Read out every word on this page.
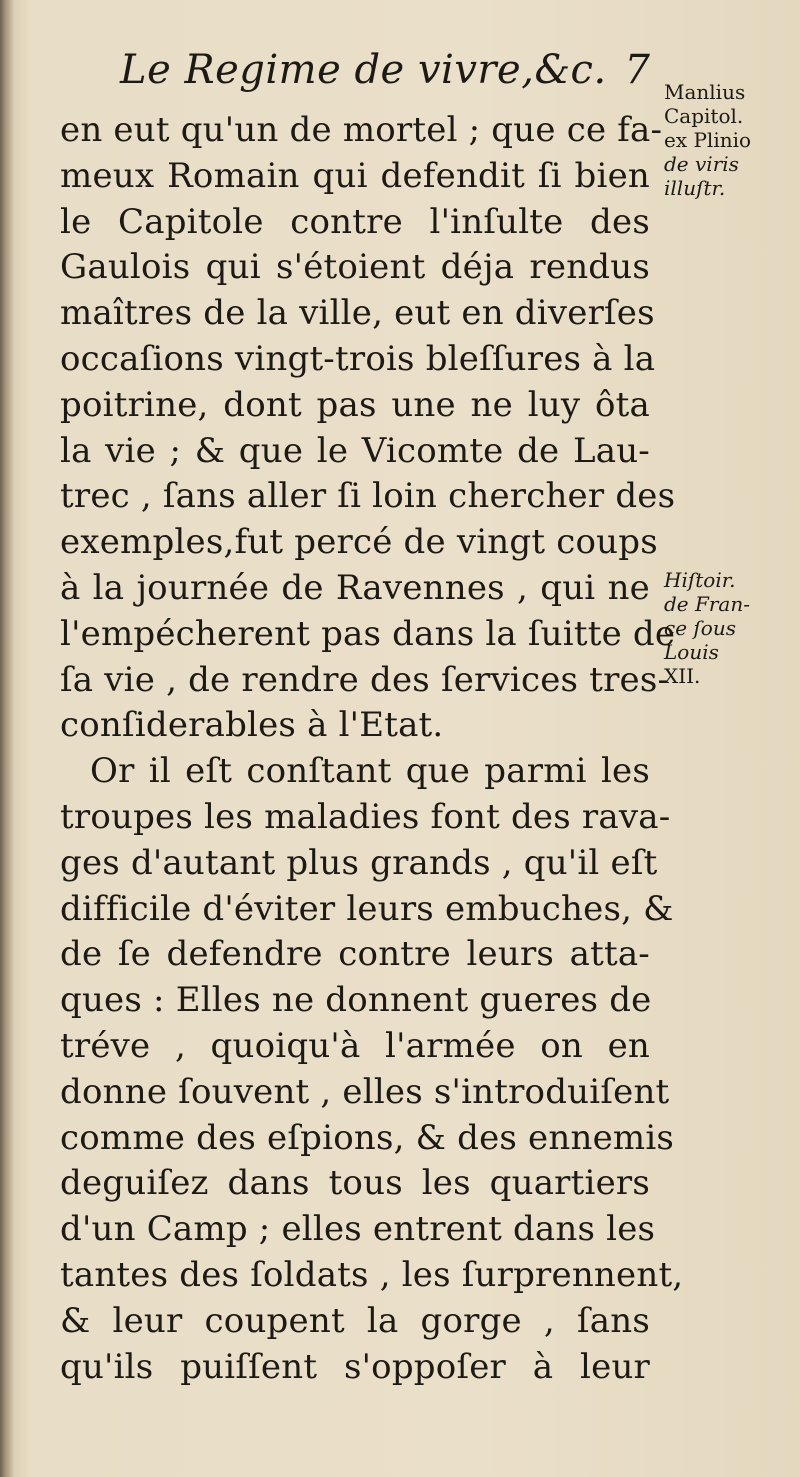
Le Regime de vivre,&c. 7
en eut qu'un de mortel ; que ce fa-
meux Romain qui defendit ſi bien
le Capitole contre l'inſulte des
Gaulois qui s'étoient déja rendus
maîtres de la ville, eut en diverſes
occaſions vingt-trois bleſſures à la
poitrine, dont pas une ne luy ôta
la vie ; & que le Vicomte de Lau-
trec , ſans aller ſi loin chercher des
exemples,fut percé de vingt coups
à la journée de Ravennes , qui ne
l'empécherent pas dans la ſuitte de
ſa vie , de rendre des ſervices tres-
conſiderables à l'Etat.
Or il eſt conſtant que parmi les
troupes les maladies font des rava-
ges d'autant plus grands , qu'il eſt
difficile d'éviter leurs embuches, &
de ſe defendre contre leurs atta-
ques : Elles ne donnent gueres de
tréve , quoiqu'à l'armée on en
donne ſouvent , elles s'introduiſent
comme des eſpions, & des ennemis
deguiſez dans tous les quartiers
d'un Camp ; elles entrent dans les
tantes des ſoldats , les ſurprennent,
& leur coupent la gorge , ſans
qu'ils puiſſent s'oppoſer à leur
Manlius
Capitol.
ex Plinio
de viris
illuſtr.
Hiſtoir.
de Fran-
ce ſous
Louis
XII.
